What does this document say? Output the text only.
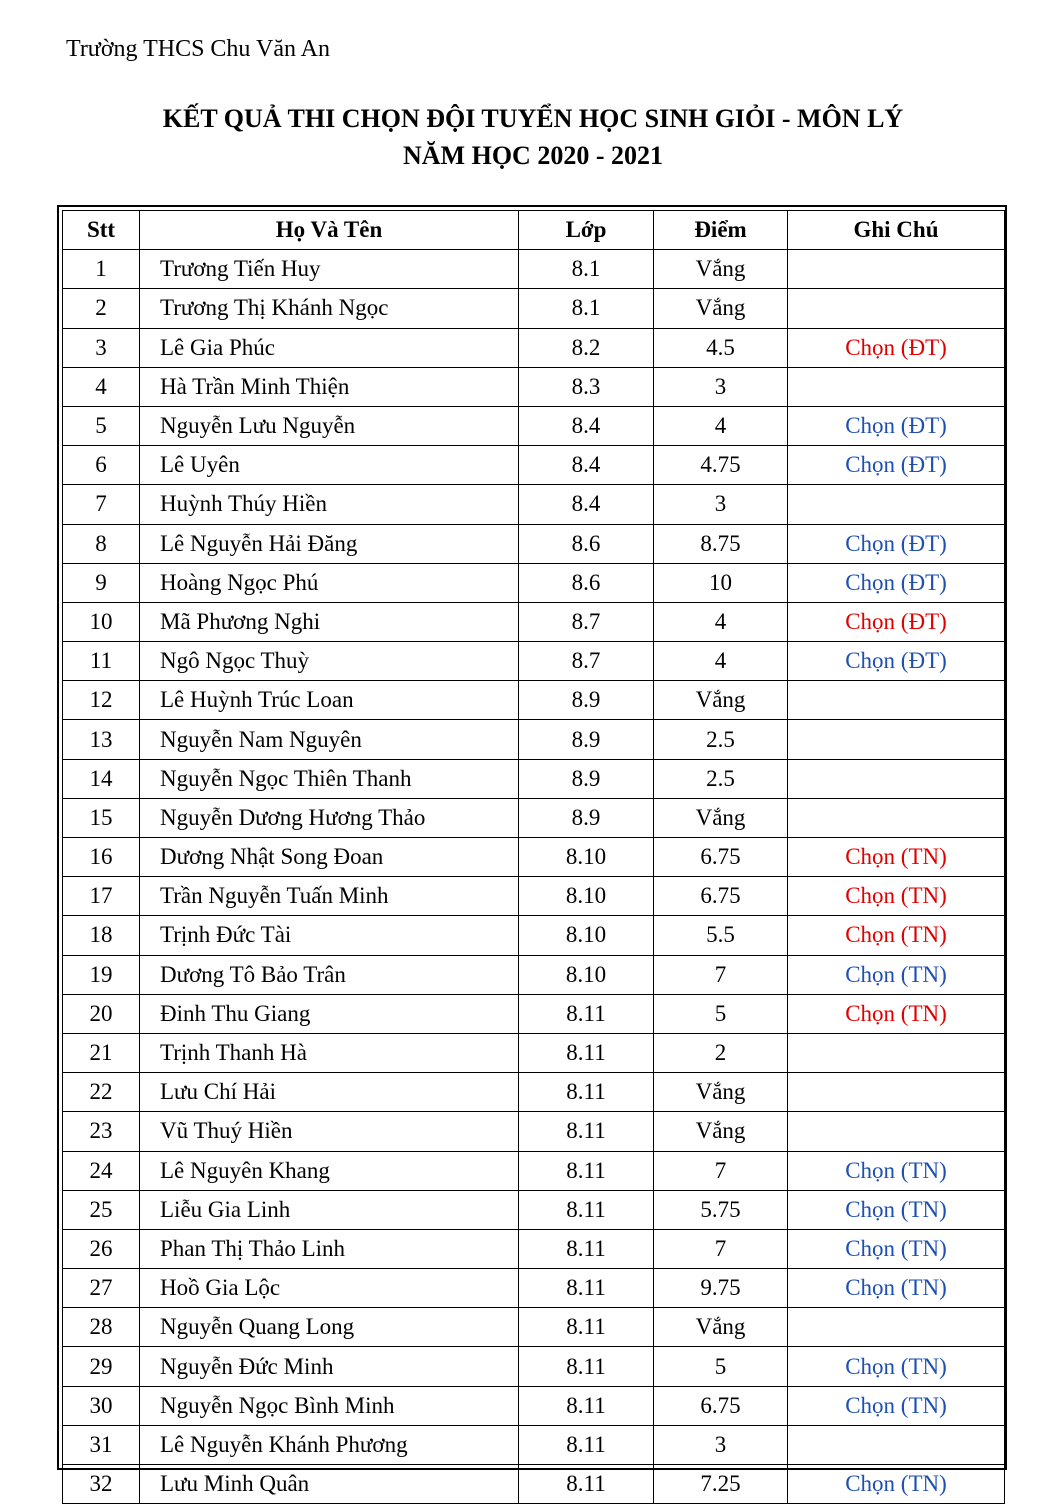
Trường THCS Chu Văn An
KẾT QUẢ THI CHỌN ĐỘI TUYỂN HỌC SINH GIỎI - MÔN LÝ
NĂM HỌC 2020 - 2021
Stt	Họ Và Tên	Lớp	Điểm	Ghi Chú
1	Trương Tiến Huy	8.1	Vắng	
2	Trương Thị Khánh Ngọc	8.1	Vắng	
3	Lê Gia Phúc	8.2	4.5	Chọn (ĐT)
4	Hà Trần Minh Thiện	8.3	3	
5	Nguyễn Lưu Nguyễn	8.4	4	Chọn (ĐT)
6	Lê Uyên	8.4	4.75	Chọn (ĐT)
7	Huỳnh Thúy Hiền	8.4	3	
8	Lê Nguyễn Hải Đăng	8.6	8.75	Chọn (ĐT)
9	Hoàng Ngọc Phú	8.6	10	Chọn (ĐT)
10	Mã Phương Nghi	8.7	4	Chọn (ĐT)
11	Ngô Ngọc Thuỳ	8.7	4	Chọn (ĐT)
12	Lê Huỳnh Trúc Loan	8.9	Vắng	
13	Nguyễn Nam Nguyên	8.9	2.5	
14	Nguyễn Ngọc Thiên Thanh	8.9	2.5	
15	Nguyễn Dương Hương Thảo	8.9	Vắng	
16	Dương Nhật Song Đoan	8.10	6.75	Chọn (TN)
17	Trần Nguyễn Tuấn Minh	8.10	6.75	Chọn (TN)
18	Trịnh Đức Tài	8.10	5.5	Chọn (TN)
19	Dương Tô Bảo Trân	8.10	7	Chọn (TN)
20	Đinh Thu Giang	8.11	5	Chọn (TN)
21	Trịnh Thanh Hà	8.11	2	
22	Lưu Chí Hải	8.11	Vắng	
23	Vũ Thuý Hiền	8.11	Vắng	
24	Lê Nguyên Khang	8.11	7	Chọn (TN)
25	Liễu Gia Linh	8.11	5.75	Chọn (TN)
26	Phan Thị Thảo Linh	8.11	7	Chọn (TN)
27	Hoồ Gia Lộc	8.11	9.75	Chọn (TN)
28	Nguyễn Quang Long	8.11	Vắng	
29	Nguyễn Đức Minh	8.11	5	Chọn (TN)
30	Nguyễn Ngọc Bình Minh	8.11	6.75	Chọn (TN)
31	Lê Nguyễn Khánh Phương	8.11	3	
32	Lưu Minh Quân	8.11	7.25	Chọn (TN)
